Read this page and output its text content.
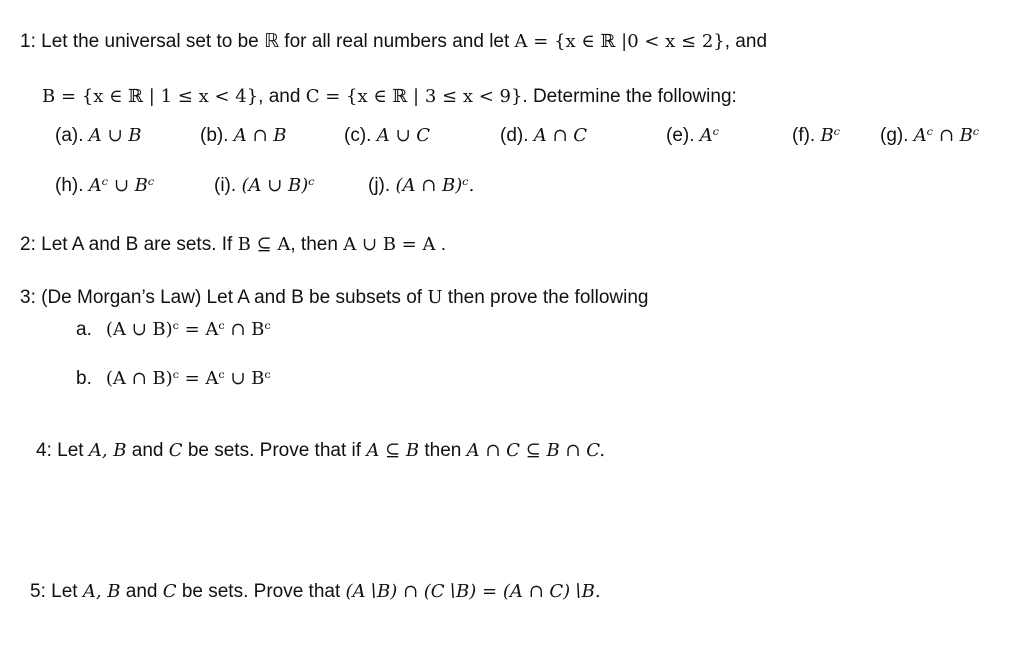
1: Let the universal set to be ℝ for all real numbers and let A = {x ∈ ℝ |0 < x ≤ 2}, and
B = {x ∈ ℝ | 1 ≤ x < 4}, and C = {x ∈ ℝ | 3 ≤ x < 9}. Determine the following:
(a). A ∪ B	(b). A ∩ B	(c). A ∪ C	(d). A ∩ C	(e). Aᶜ	(f). Bᶜ (g). Aᶜ ∩ Bᶜ
(h). Aᶜ ∪ Bᶜ	(i). (A ∪ B)ᶜ	(j). (A ∩ B)ᶜ.
2: Let A and B are sets. If B ⊆ A, then A ∪ B = A .
3: (De Morgan’s Law) Let A and B be subsets of U then prove the following
a. (A ∪ B)ᶜ = Aᶜ ∩ Bᶜ
b. (A ∩ B)ᶜ = Aᶜ ∪ Bᶜ
4: Let A, B and C be sets. Prove that if A ⊆ B then A ∩ C ⊆ B ∩ C.
5: Let A, B and C be sets. Prove that (A∖B) ∩ (C∖B) = (A ∩ C)∖B.
